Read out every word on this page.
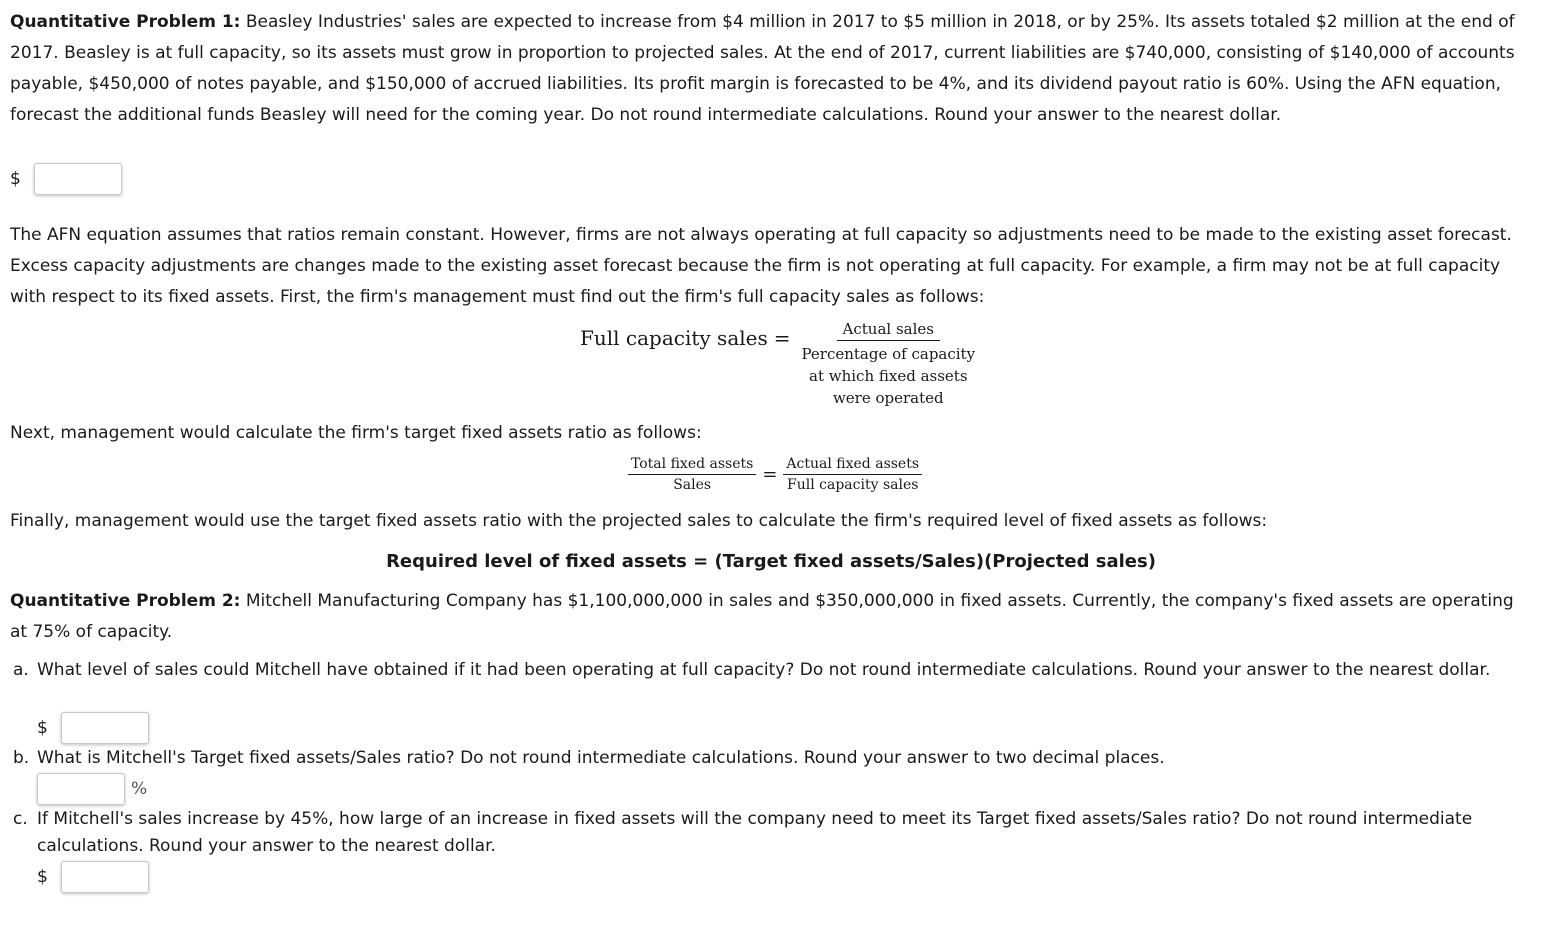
Quantitative Problem 1: Beasley Industries' sales are expected to increase from $4 million in 2017 to $5 million in 2018, or by 25%. Its assets totaled $2 million at the end of 2017. Beasley is at full capacity, so its assets must grow in proportion to projected sales. At the end of 2017, current liabilities are $740,000, consisting of $140,000 of accounts payable, $450,000 of notes payable, and $150,000 of accrued liabilities. Its profit margin is forecasted to be 4%, and its dividend payout ratio is 60%. Using the AFN equation, forecast the additional funds Beasley will need for the coming year. Do not round intermediate calculations. Round your answer to the nearest dollar.

$

The AFN equation assumes that ratios remain constant. However, firms are not always operating at full capacity so adjustments need to be made to the existing asset forecast. Excess capacity adjustments are changes made to the existing asset forecast because the firm is not operating at full capacity. For example, a firm may not be at full capacity with respect to its fixed assets. First, the firm's management must find out the firm's full capacity sales as follows:

Full capacity sales =	Actual sales
Percentage of capacity
at which fixed assets
were operated

Next, management would calculate the firm's target fixed assets ratio as follows:

$\frac{\text{Total fixed assets}}{\text{Sales}} = \frac{\text{Actual fixed assets}}{\text{Full capacity sales}}$

Finally, management would use the target fixed assets ratio with the projected sales to calculate the firm's required level of fixed assets as follows:

Required level of fixed assets = (Target fixed assets/Sales)(Projected sales)

Quantitative Problem 2: Mitchell Manufacturing Company has $1,100,000,000 in sales and $350,000,000 in fixed assets. Currently, the company's fixed assets are operating at 75% of capacity.

a. What level of sales could Mitchell have obtained if it had been operating at full capacity? Do not round intermediate calculations. Round your answer to the nearest dollar.
$
b. What is Mitchell's Target fixed assets/Sales ratio? Do not round intermediate calculations. Round your answer to two decimal places.
%
c. If Mitchell's sales increase by 45%, how large of an increase in fixed assets will the company need to meet its Target fixed assets/Sales ratio? Do not round intermediate calculations. Round your answer to the nearest dollar.
$
